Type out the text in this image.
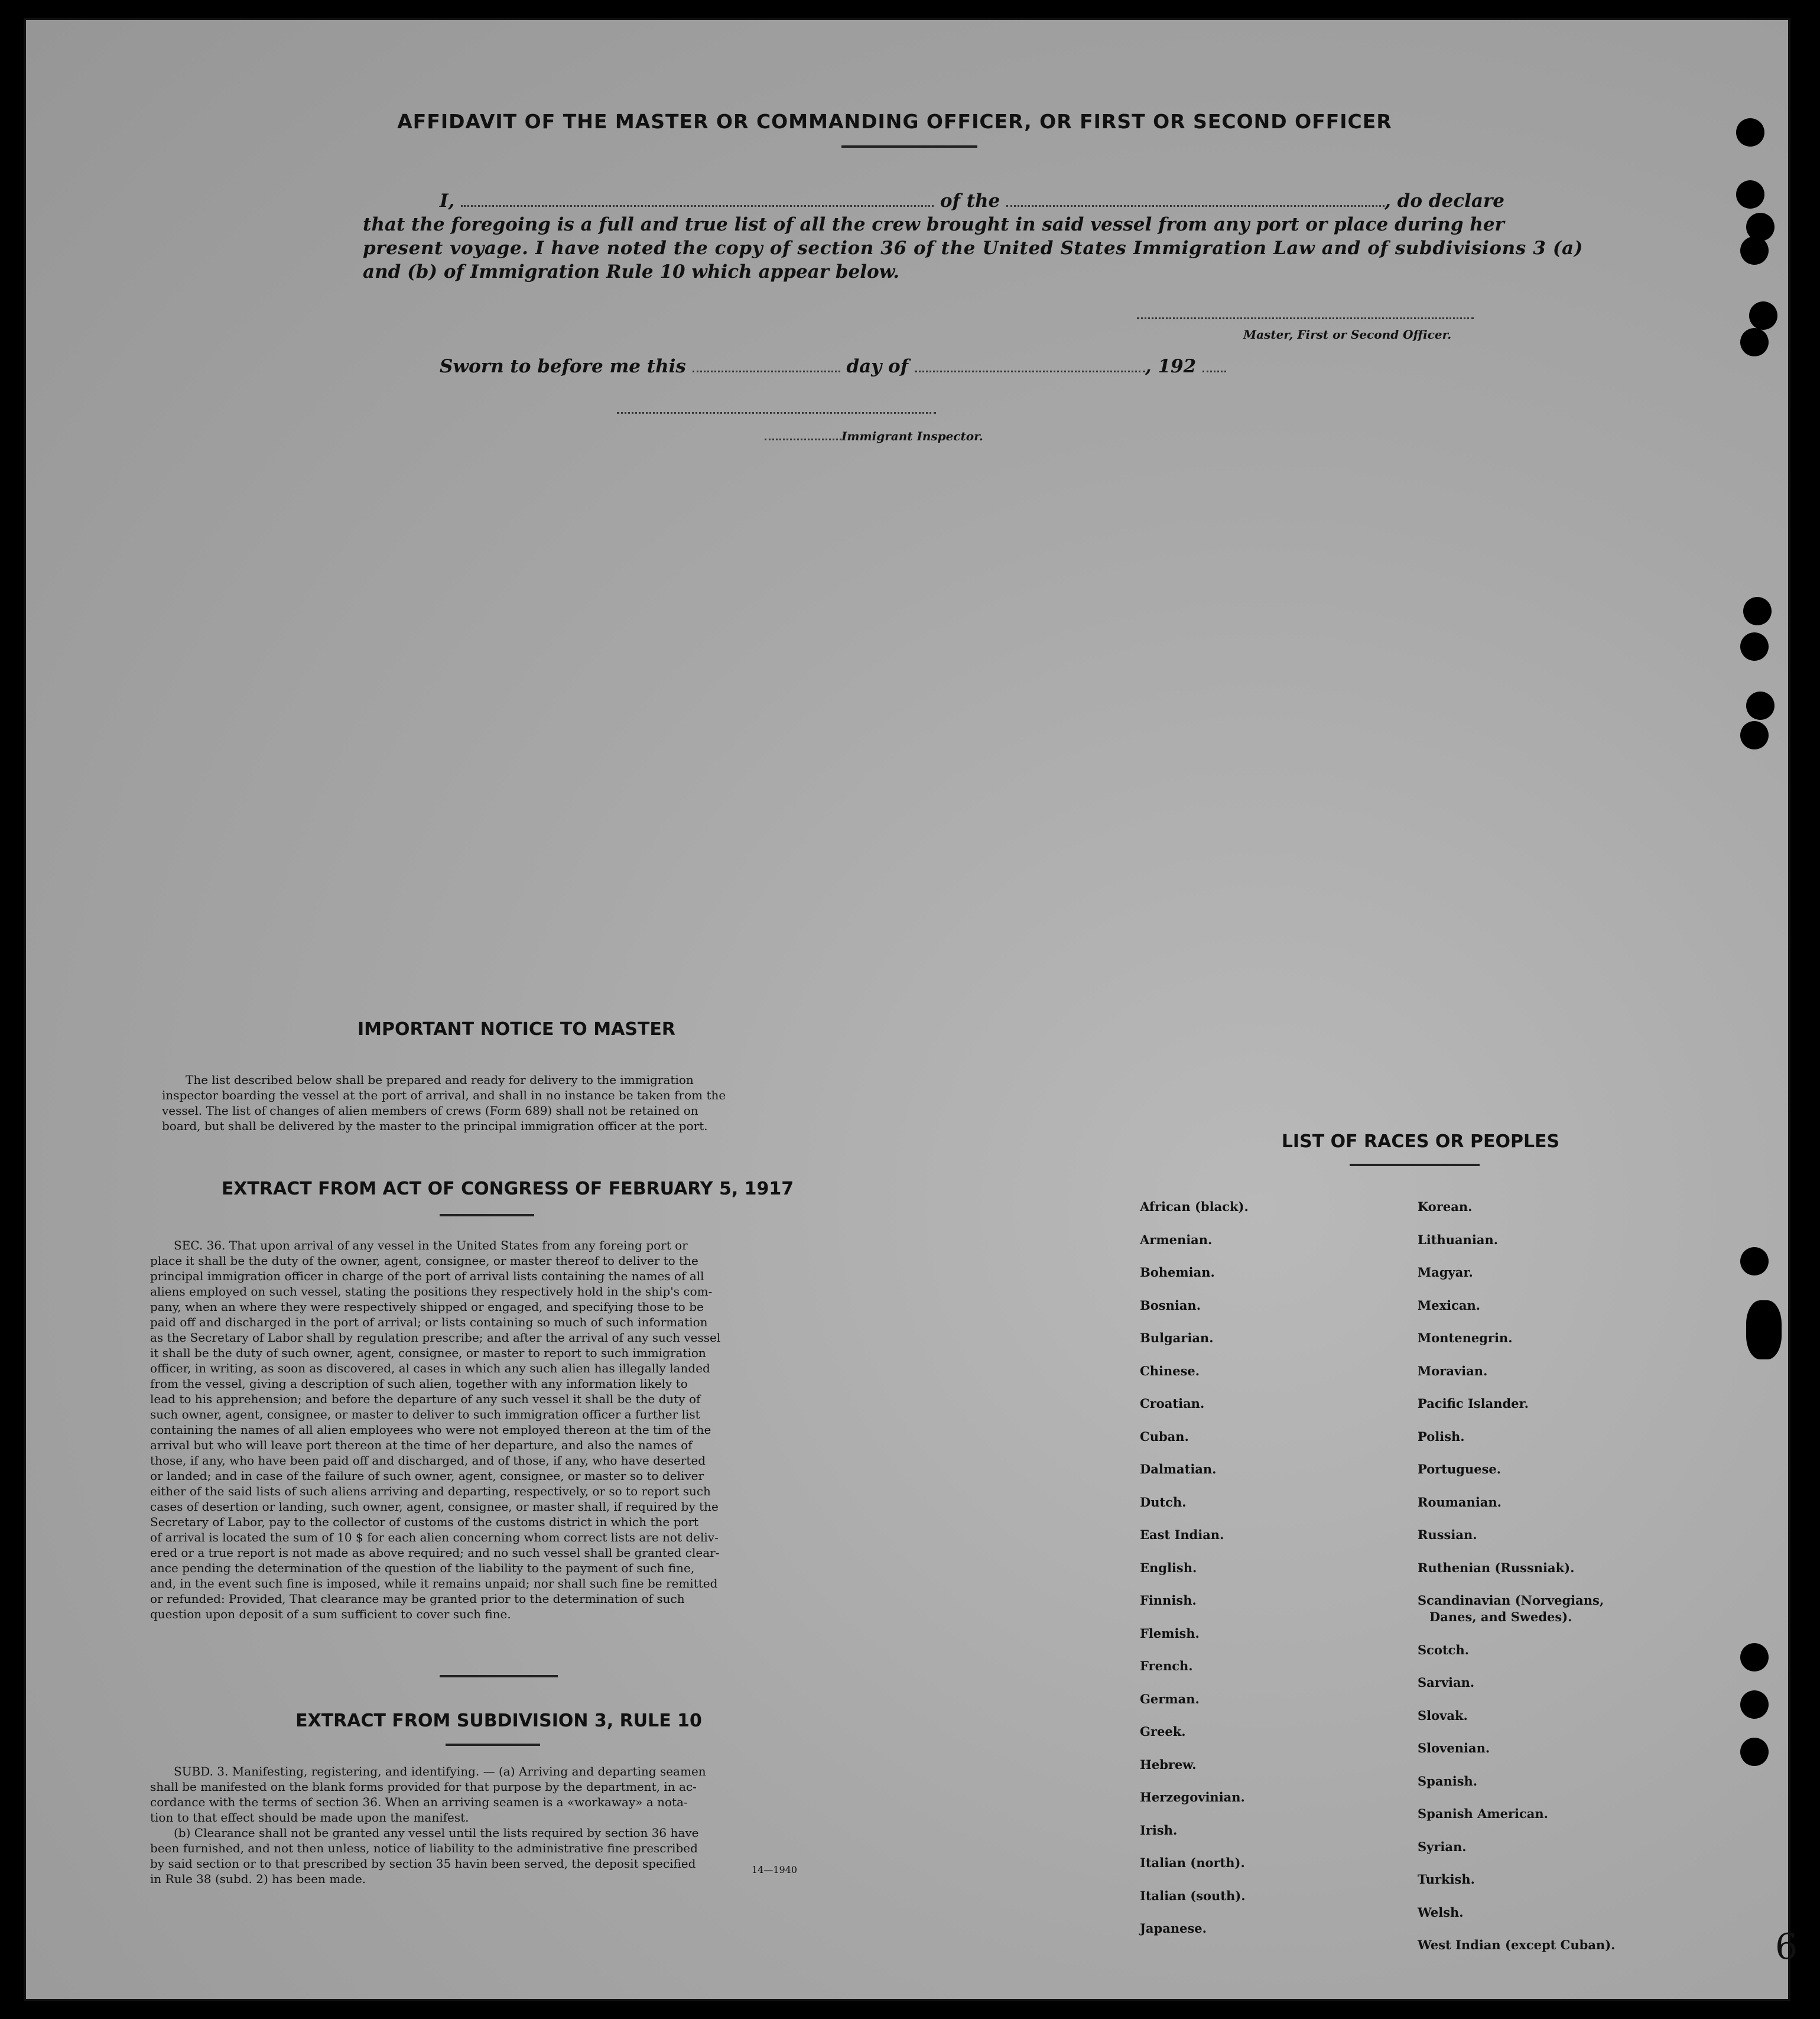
AFFIDAVIT OF THE MASTER OR COMMANDING OFFICER, OR FIRST OR SECOND OFFICER
I,	of the	, do declare
that the foregoing is a full and true list of all the crew brought in said vessel from any port or place during her
present voyage. I have noted the copy of section 36 of the United States Immigration Law and of subdivisions 3 (a)
and (b) of Immigration Rule 10 which appear below.
Master, First or Second Officer.
Sworn to before me this	day of	, 192
Immigrant Inspector.
IMPORTANT NOTICE TO MASTER
The list described below shall be prepared and ready for delivery to the immigration
inspector boarding the vessel at the port of arrival, and shall in no instance be taken from the
vessel. The list of changes of alien members of crews (Form 689) shall not be retained on
board, but shall be delivered by the master to the principal immigration officer at the port.
EXTRACT FROM ACT OF CONGRESS OF FEBRUARY 5, 1917
SEC. 36. That upon arrival of any vessel in the United States from any foreing port or
place it shall be the duty of the owner, agent, consignee, or master thereof to deliver to the
principal immigration officer in charge of the port of arrival lists containing the names of all
aliens employed on such vessel, stating the positions they respectively hold in the ship's com-
pany, when an where they were respectively shipped or engaged, and specifying those to be
paid off and discharged in the port of arrival; or lists containing so much of such information
as the Secretary of Labor shall by regulation prescribe; and after the arrival of any such vessel
it shall be the duty of such owner, agent, consignee, or master to report to such immigration
officer, in writing, as soon as discovered, al cases in which any such alien has illegally landed
from the vessel, giving a description of such alien, together with any information likely to
lead to his apprehension; and before the departure of any such vessel it shall be the duty of
such owner, agent, consignee, or master to deliver to such immigration officer a further list
containing the names of all alien employees who were not employed thereon at the tim of the
arrival but who will leave port thereon at the time of her departure, and also the names of
those, if any, who have been paid off and discharged, and of those, if any, who have deserted
or landed; and in case of the failure of such owner, agent, consignee, or master so to deliver
either of the said lists of such aliens arriving and departing, respectively, or so to report such
cases of desertion or landing, such owner, agent, consignee, or master shall, if required by the
Secretary of Labor, pay to the collector of customs of the customs district in which the port
of arrival is located the sum of 10 $ for each alien concerning whom correct lists are not deliv-
ered or a true report is not made as above required; and no such vessel shall be granted clear-
ance pending the determination of the question of the liability to the payment of such fine,
and, in the event such fine is imposed, while it remains unpaid; nor shall such fine be remitted
or refunded: Provided, That clearance may be granted prior to the determination of such
question upon deposit of a sum sufficient to cover such fine.
EXTRACT FROM SUBDIVISION 3, RULE 10
SUBD. 3. Manifesting, registering, and identifying. — (a) Arriving and departing seamen
shall be manifested on the blank forms provided for that purpose by the department, in ac-
cordance with the terms of section 36. When an arriving seamen is a «workaway» a nota-
tion to that effect should be made upon the manifest.
(b) Clearance shall not be granted any vessel until the lists required by section 36 have
been furnished, and not then unless, notice of liability to the administrative fine prescribed
by said section or to that prescribed by section 35 havin been served, the deposit specified
in Rule 38 (subd. 2) has been made.
14—1940
LIST OF RACES OR PEOPLES
African (black).
Armenian.
Bohemian.
Bosnian.
Bulgarian.
Chinese.
Croatian.
Cuban.
Dalmatian.
Dutch.
East Indian.
English.
Finnish.
Flemish.
French.
German.
Greek.
Hebrew.
Herzegovinian.
Irish.
Italian (north).
Italian (south).
Japanese.
Korean.
Lithuanian.
Magyar.
Mexican.
Montenegrin.
Moravian.
Pacific Islander.
Polish.
Portuguese.
Roumanian.
Russian.
Ruthenian (Russniak).
Scandinavian (Norvegians,
Danes, and Swedes).
Scotch.
Sarvian.
Slovak.
Slovenian.
Spanish.
Spanish American.
Syrian.
Turkish.
Welsh.
West Indian (except Cuban).	6
